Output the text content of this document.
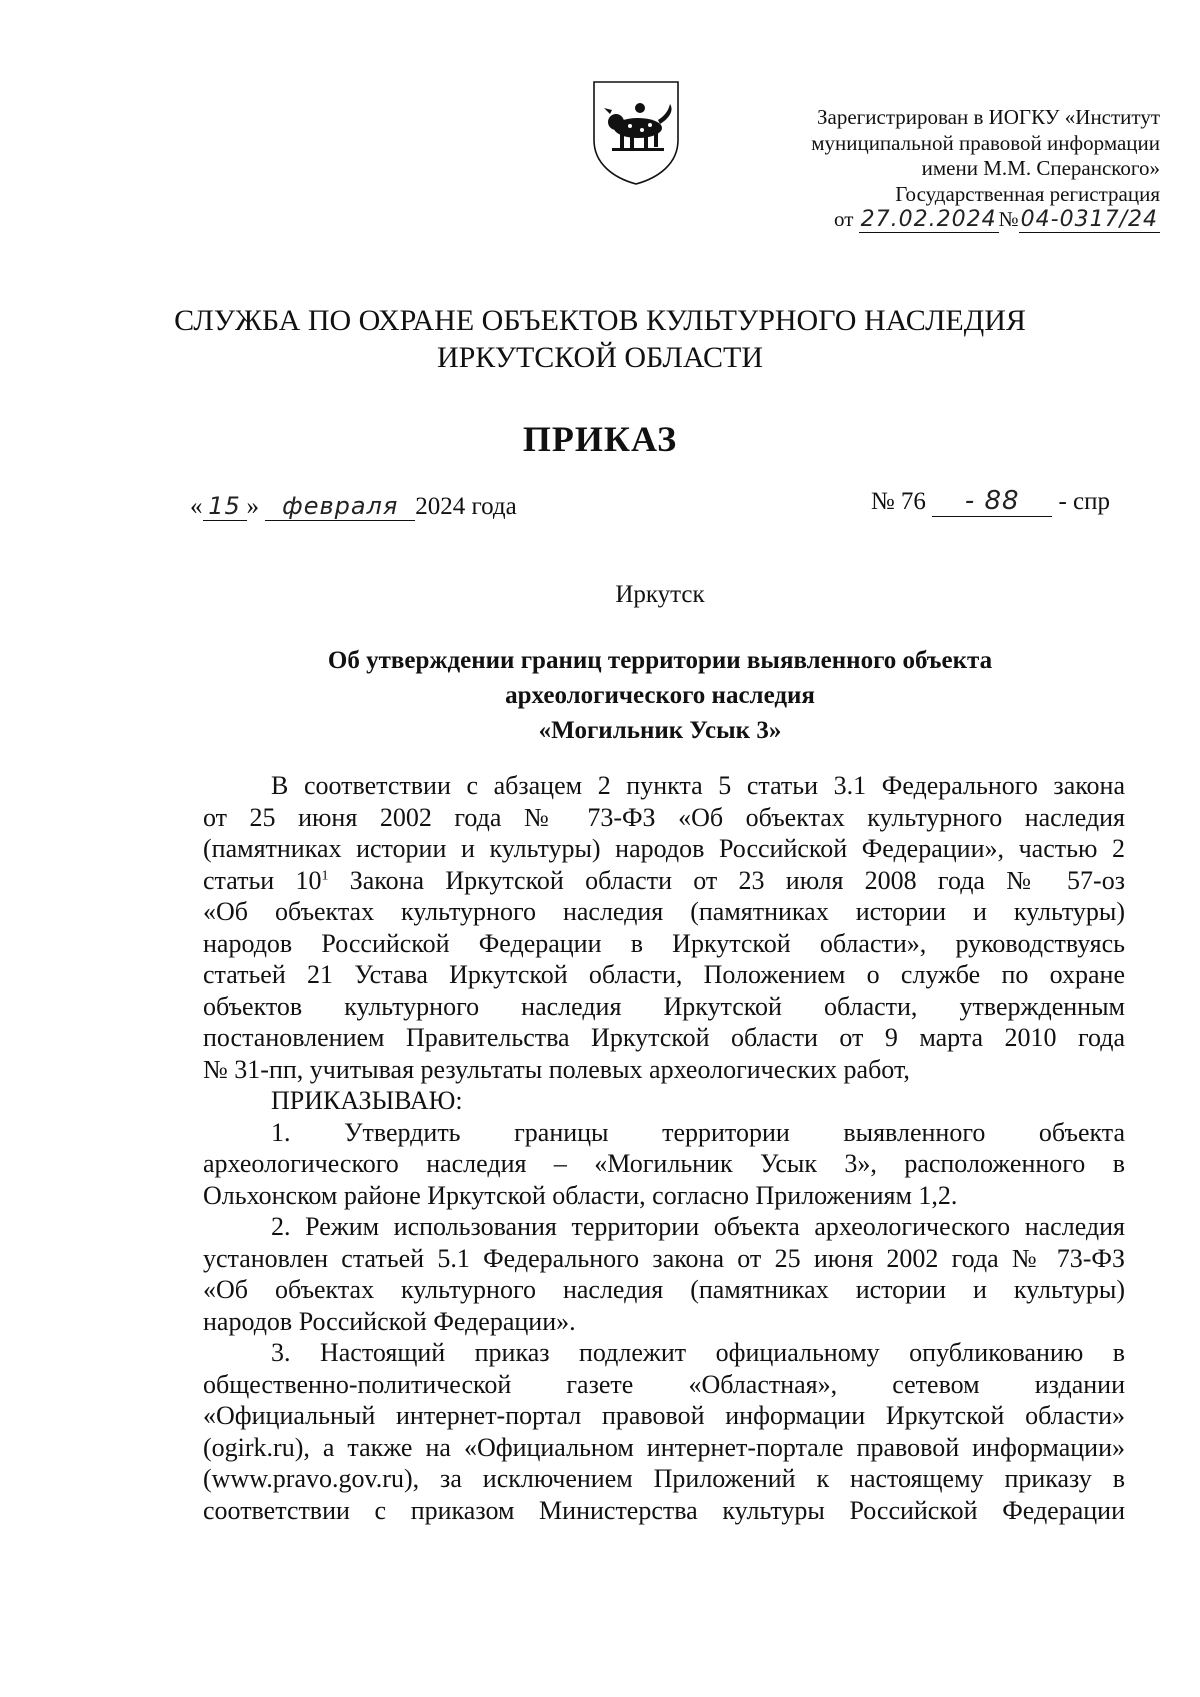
Зарегистрирован в ИОГКУ «Институт
муниципальной правовой информации
имени М.М. Сперанского»
Государственная регистрация
от 27.02.2024№04-0317/24
СЛУЖБА ПО ОХРАНЕ ОБЪЕКТОВ КУЛЬТУРНОГО НАСЛЕДИЯ
ИРКУТСКОЙ ОБЛАСТИ
ПРИКАЗ
« 15 » февраля 2024 года	№ 76 - 88 - спр
Иркутск
Об утверждении границ территории выявленного объекта
археологического наследия
«Могильник Усык 3»
В соответствии с абзацем 2 пункта 5 статьи 3.1 Федерального закона
от 25 июня 2002 года № 73-ФЗ «Об объектах культурного наследия
(памятниках истории и культуры) народов Российской Федерации», частью 2
статьи $10^1$ Закона Иркутской области от 23 июля 2008 года № 57-оз
«Об объектах культурного наследия (памятниках истории и культуры)
народов Российской Федерации в Иркутской области», руководствуясь
статьей 21 Устава Иркутской области, Положением о службе по охране
объектов культурного наследия Иркутской области, утвержденным
постановлением Правительства Иркутской области от 9 марта 2010 года
№ 31-пп, учитывая результаты полевых археологических работ,
ПРИКАЗЫВАЮ:
1. Утвердить границы территории выявленного объекта
археологического наследия – «Могильник Усык 3», расположенного в
Ольхонском районе Иркутской области, согласно Приложениям 1,2.
2. Режим использования территории объекта археологического наследия
установлен статьей 5.1 Федерального закона от 25 июня 2002 года № 73-ФЗ
«Об объектах культурного наследия (памятниках истории и культуры)
народов Российской Федерации».
3. Настоящий приказ подлежит официальному опубликованию в
общественно-политической газете «Областная», сетевом издании
«Официальный интернет-портал правовой информации Иркутской области»
(ogirk.ru), а также на «Официальном интернет-портале правовой информации»
(www.pravo.gov.ru), за исключением Приложений к настоящему приказу в
соответствии с приказом Министерства культуры Российской Федерации
